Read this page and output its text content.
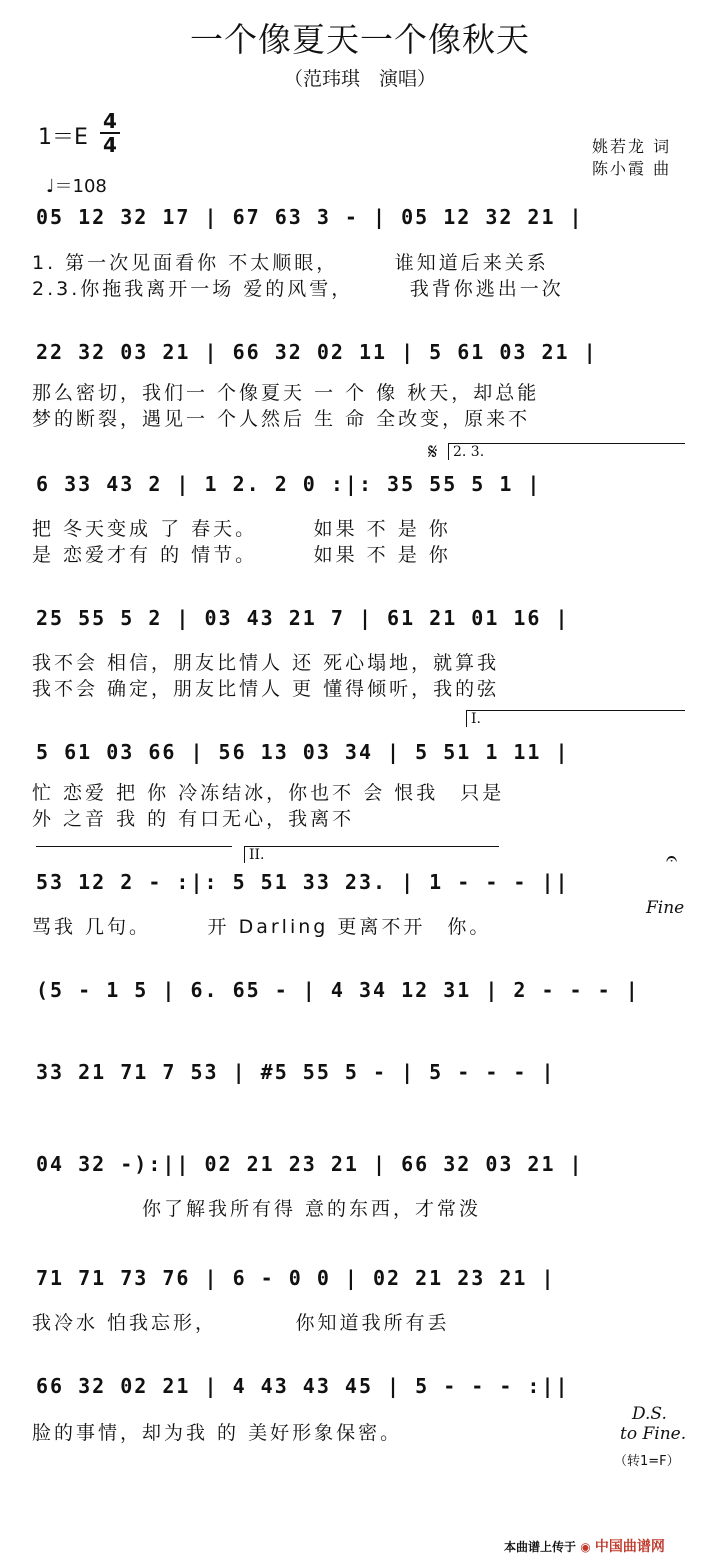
一个像夏天一个像秋天
（范玮琪　演唱）
1＝E
4
4
♩＝108
姚若龙 词
陈小霞 曲
05 12 32 17 | 67 63 3 - | 05 12 32 21 |
1. 第一次见面看你 不太顺眼，　　　谁知道后来关系
2.3.你拖我离开一场 爱的风雪，　　　我背你逃出一次
22 32 03 21 | 66 32 02 11 | 5 61 03 21 |
那么密切，我们一 个像夏天 一 个 像 秋天，却总能
梦的断裂，遇见一 个人然后 生 命 全改变，原来不
𝄋	2. 3.
6 33 43 2 | 1 2. 2 0 :|: 35 55 5 1 |
把 冬天变成 了 春天。　　　如果 不 是 你
是 恋爱才有 的 情节。　　　如果 不 是 你
25 55 5 2 | 03 43 21 7 | 61 21 01 16 |
我不会 相信，朋友比情人 还 死心塌地，就算我
我不会 确定，朋友比情人 更 懂得倾听，我的弦
I.
5 61 03 66 | 56 13 03 34 | 5 51 1 11 |
忙 恋爱 把 你 冷冻结冰，你也不 会 恨我　只是
外 之音 我 的 有口无心，我离不
II.	𝄐
53 12 2 - :|: 5 51 33 23. | 1 - - - ||
Fine
骂我 几句。　　　开 Darling 更离不开　你。
(5 - 1 5 | 6. 65 - | 4 34 12 31 | 2 - - - |
33 21 71 7 53 | #5 55 5 - | 5 - - - |
04 32 -):|| 02 21 23 21 | 66 32 03 21 |
　　　　　你了解我所有得 意的东西，才常泼
71 71 73 76 | 6 - 0 0 | 02 21 23 21 |
我冷水 怕我忘形，　　　　你知道我所有丢
66 32 02 21 | 4 43 43 45 | 5 - - - :||
脸的事情，却为我 的 美好形象保密。
D.S.
to Fine.
（转1=F）
本曲谱上传于 ◉ 中国曲谱网
